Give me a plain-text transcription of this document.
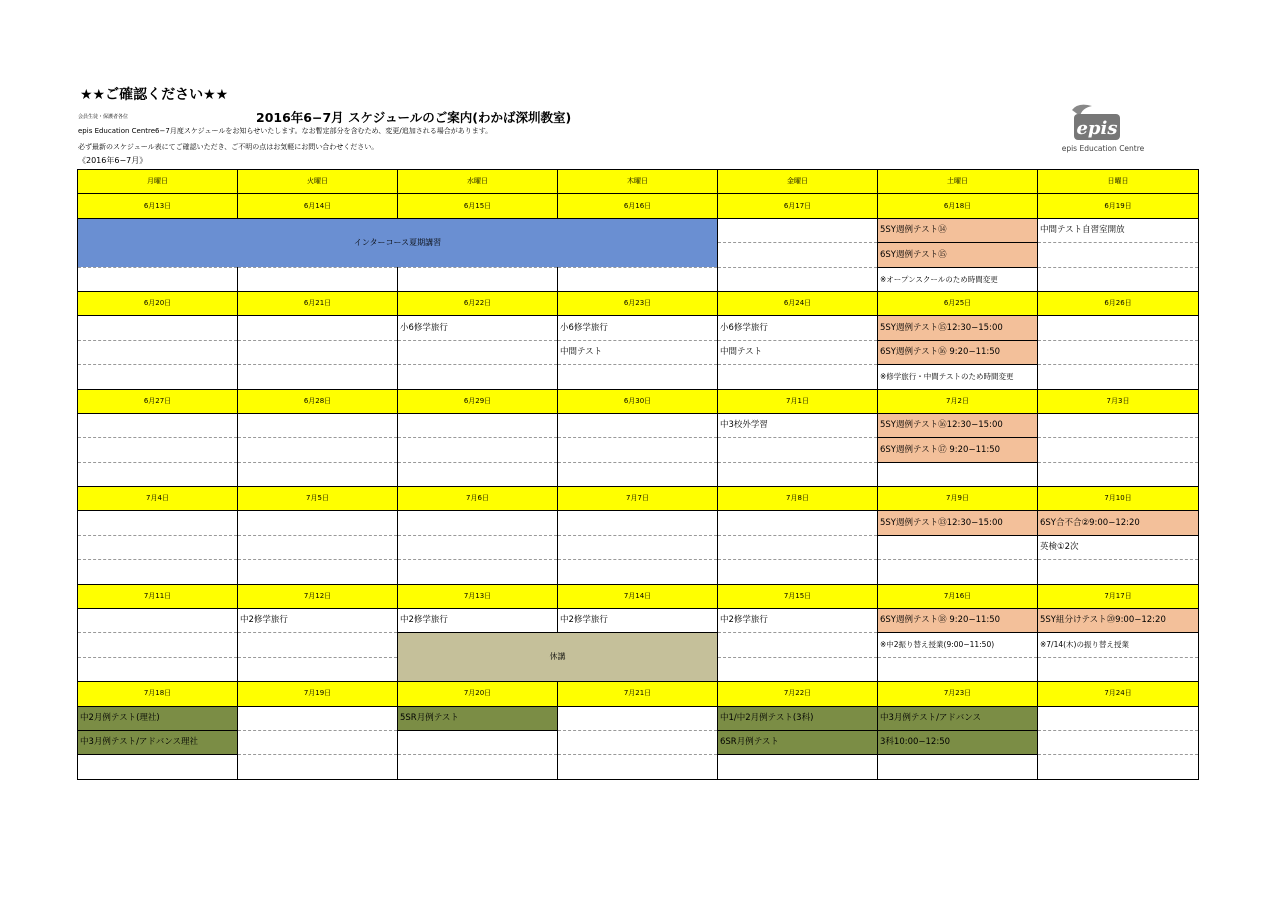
★★ご確認ください★★
2016年6−7月 スケジュールのご案内(わかば深圳教室)
会員生徒・保護者各位
epis Education Centre6−7月度スケジュールをお知らせいたします。なお暫定部分を含むため、変更/追加される場合があります。
必ず最新のスケジュール表にてご確認いただき、ご不明の点はお気軽にお問い合わせください。
《2016年6−7月》
epis
epis Education Centre
月曜日	火曜日	水曜日	木曜日	金曜日	土曜日	日曜日
6月13日	6月14日	6月15日	6月16日	6月17日	6月18日	6月19日
インターコース夏期講習					5SY週例テスト⑭	中間テスト自習室開放
					6SY週例テスト⑮	
					※オープンスクールのため時間変更	
6月20日	6月21日	6月22日	6月23日	6月24日	6月25日	6月26日
		小6修学旅行	小6修学旅行	小6修学旅行	5SY週例テスト⑮12:30−15:00	
			中間テスト	中間テスト	6SY週例テスト⑯ 9:20−11:50	
					※修学旅行・中間テストのため時間変更	
6月27日	6月28日	6月29日	6月30日	7月1日	7月2日	7月3日
				中3校外学習	5SY週例テスト⑯12:30−15:00	
					6SY週例テスト⑰ 9:20−11:50	

7月4日	7月5日	7月6日	7月7日	7月8日	7月9日	7月10日
					5SY週例テスト⑬12:30−15:00	6SY合不合②9:00−12:20
						英検①2次

7月11日	7月12日	7月13日	7月14日	7月15日	7月16日	7月17日
	中2修学旅行	中2修学旅行	中2修学旅行	中2修学旅行	6SY週例テスト⑱ 9:20−11:50	5SY組分けテスト⑳9:00−12:20
		休講			※中2振り替え授業(9:00−11:50)	※7/14(木)の振り替え授業

7月18日	7月19日	7月20日	7月21日	7月22日	7月23日	7月24日
中2月例テスト(理社)		5SR月例テスト		中1/中2月例テスト(3科)	中3月例テスト/アドバンス	
中3月例テスト/アドバンス理社				6SR月例テスト	3科10:00−12:50	
